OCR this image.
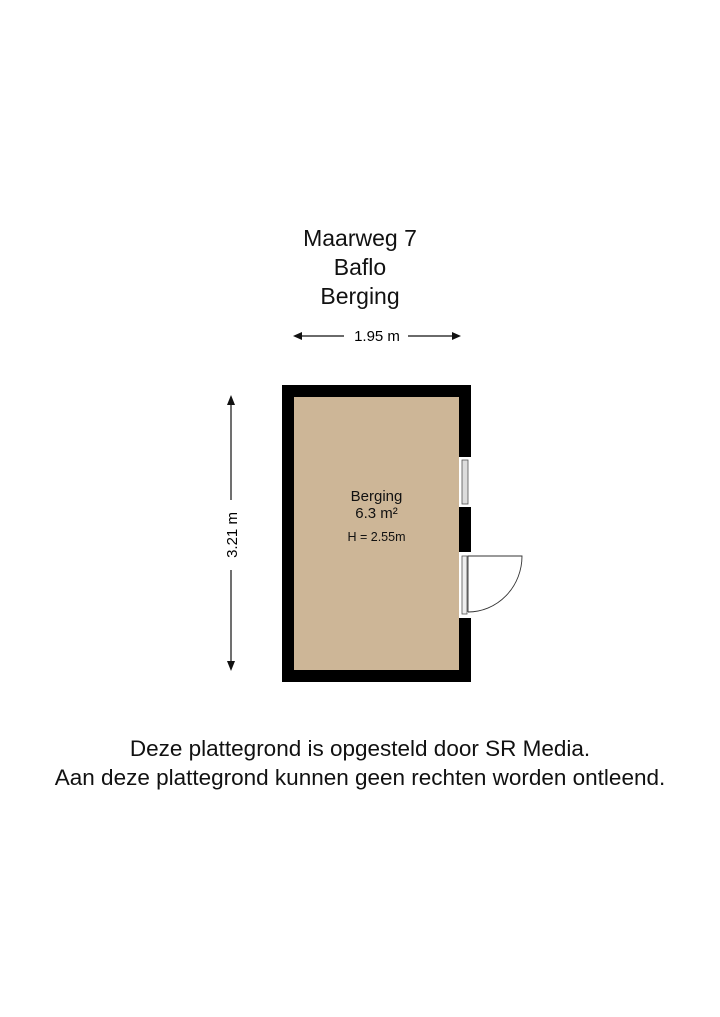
Maarweg 7
Baflo
Berging
1.95 m
3.21 m
Berging
6.3 m²
H = 2.55m
Deze plattegrond is opgesteld door SR Media.
Aan deze plattegrond kunnen geen rechten worden ontleend.
